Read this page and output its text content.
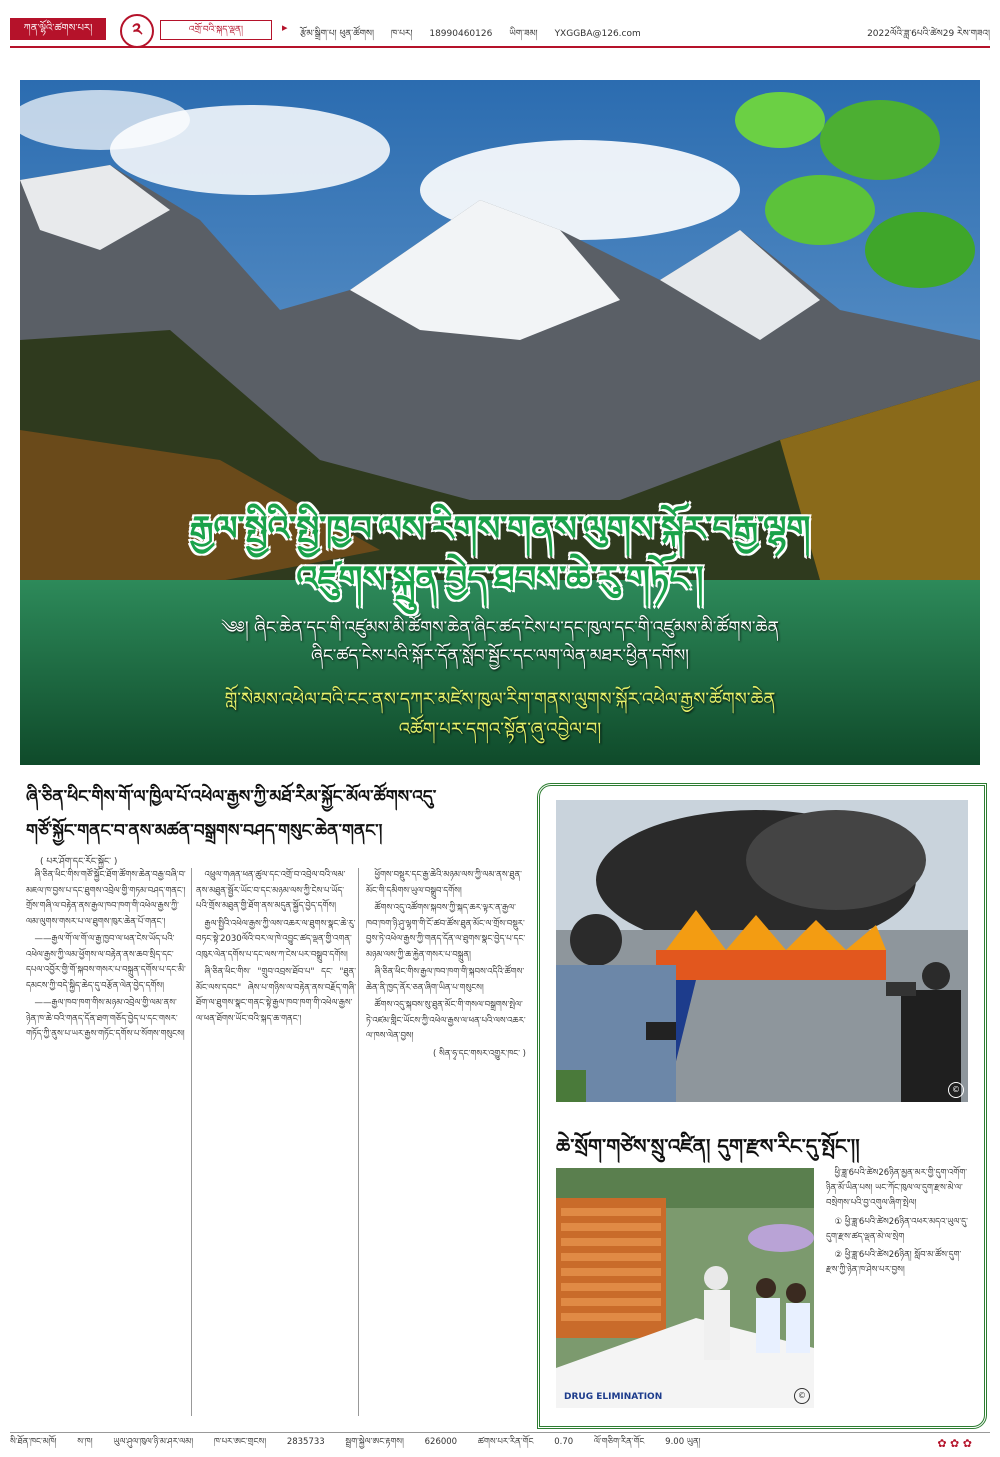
ཀན་ལྷོའི་ཚགས་པར།	༢	འགྲོ་བའི་སྐད་ལྡན།	▸ རྩོམ་སྒྲིག་པ། ཕུན་ཚོགས། ཁ་པར། 18990460126 ཡིག་ཟམ། YXGGBA@126.com	2022ལོའི་ཟླ་6པའི་ཚེས29 རེས་གཟའ།
རྒྱལ་སྤྱིའི་སྤྱི་ཁྱབ་ལས་རིགས་གནས་ལུགས་སྐོར་བརྒྱ་ལྷག
འཛུགས་སྐྲུན་བྱེད་ཐབས་ཆེ་རུ་གཏོང་།
༄༅། ཞིང་ཆེན་དང་གི་འཛུམས་མི་ཚོགས་ཆེན་ཞིང་ཚད་ངེས་པ་དང་ཁུལ་དང་གི་འཛུམས་མི་ཚོགས་ཆེན
ཞིང་ཚད་ངེས་པའི་སྐོར་དོན་སློབ་སྦྱོང་དང་ལག་ལེན་མཐར་ཕྱིན་དགོས།
གློ་སེམས་འཕེལ་བའི་ངང་ནས་དཀར་མཛེས་ཁུལ་རིག་གནས་ལུགས་སྐོར་འཕེལ་རྒྱས་ཚོགས་ཆེན
འཚོག་པར་དགའ་སྟོན་ཞུ་འབྱེལ་བ།
ཞི་ཅིན་ཕིང་གིས་གོ་ལ་ཁྱིལ་པོ་འཕེལ་རྒྱས་ཀྱི་མཐོ་རིམ་སྐྱོང་མོལ་ཚོགས་འདུ་
གཙོ་སྐྱོང་གནང་བ་ནས་མཚན་བསྒྲགས་བཤད་གསུང་ཆེན་གནང་།
( པར་ཤོག་དང་རོང་སྐྱོང་ )

ཞི་ཅིན་ཕིང་གིས་གཙོ་སྐྱོང་ཐོག་ཚོགས་ཆེན་བརྒྱ་བཞི་བ་མཇལ་ཁ་བྱས་པ་དང་ཐུགས་འབྲེལ་གྱི་གཏམ་བཤད་གནང་། གྲོས་གཞི་ལ་བརྟེན་ནས་རྒྱལ་ཁབ་ཁག་གི་འཕེལ་རྒྱས་ཀྱི་ལམ་ལུགས་གསར་པ་ལ་ཐུགས་ཁུར་ཆེན་པོ་གནང་།

——རྒྱལ་གོ་ལ་གོ་ལ་རྒྱ་ཁྱབ་ལ་ཕན་ངེས་ཡོད་པའི་འཕེལ་རྒྱས་ཀྱི་ལམ་ཕྱོགས་ལ་བརྟེན་ནས་ཆབ་སྲིད་དང་དཔལ་འབྱོར་གྱི་གོ་སྐབས་གསར་པ་བསྐྲུན་དགོས་པ་དང་མི་དམངས་ཀྱི་བདེ་སྐྱིད་ཆེད་དུ་བརྩོན་ལེན་བྱེད་དགོས།

——རྒྱལ་ཁབ་ཁག་གིས་མཉམ་འབྲེལ་གྱི་ལམ་ནས་ཉེན་ཁ་ཆེ་བའི་གནད་དོན་ཐག་གཅོད་བྱེད་པ་དང་གསར་གཏོད་ཀྱི་ནུས་པ་ཡར་རྒྱས་གཏོང་དགོས་པ་སོགས་གསུངས།

འཕྲུལ་གཞན་ཕན་ཚུལ་དང་འགྲོ་བ་འབྲེལ་བའི་ལམ་ནས་མཐུན་སྦྱོར་ཡོང་བ་དང་མཉམ་ལས་ཀྱི་ངེས་པ་ཡོད་པའི་གྲོས་མཐུན་གྱི་ཐོག་ནས་མདུན་སྐྱོད་བྱེད་དགོས།

རྒྱལ་སྤྱིའི་འཕེལ་རྒྱས་ཀྱི་ལས་འཆར་ལ་ཐུགས་སྣང་ཆེ་རུ་བཏང་སྟེ་2030ལོའི་བར་ལ་ཁེ་འབྱུང་ཚད་ལྡན་གྱི་འགན་འཁུར་ལེན་དགོས་པ་དང་ལས་ཀ་ངེས་པར་བསྒྲུབ་དགོས།

ཞི་ཅིན་ཕིང་གིས་ "གྲུབ་འབྲས་ཐོབ་པ" དང་ "ཐུན་མོང་ལས་དབང" ཞེས་པ་གཉིས་ལ་བརྟེན་ནས་བརྗོད་གཞི་ཐོག་ལ་ཐུགས་སྣང་གནང་སྟེ་རྒྱལ་ཁབ་ཁག་གི་འཕེལ་རྒྱས་ལ་ཕན་ཐོགས་ཡོང་བའི་སྐད་ཆ་གནང་།

ཕྱོགས་བསྡུར་དང་རྒྱ་ཆེའི་མཉམ་ལས་ཀྱི་ལམ་ནས་ཐུན་མོང་གི་དམིགས་ཡུལ་བསྒྲུབ་དགོས།

ཚོགས་འདུ་འཚོགས་སྐབས་ཀྱི་སྐད་ཆར་ལྟར་ན་རྒྱལ་ཁབ་ཁག་ཉི་ཤུ་ལྷག་གི་ངོ་ཚབ་ཚོས་ཐུན་མོང་ལ་གྲོས་བསྡུར་བྱས་ཏེ་འཕེལ་རྒྱས་ཀྱི་གནད་དོན་ལ་ཐུགས་སྣང་བྱེད་པ་དང་མཉམ་ལས་ཀྱི་ཆ་རྐྱེན་གསར་པ་བསྐྲུན།

ཞི་ཅིན་ཕིང་གིས་རྒྱལ་ཁབ་ཁག་གི་སྐབས་འདིའི་ཚོགས་ཆེན་ནི་ཁྱད་ནོར་ཅན་ཞིག་ཡིན་པ་གསུངས།

ཚོགས་འདུ་སྐབས་སུ་ཐུན་མོང་གི་གསལ་བསྒྲགས་སྤེལ་ཏེ་འཛམ་གླིང་ཡོངས་ཀྱི་འཕེལ་རྒྱས་ལ་ཕན་པའི་ལས་འཆར་ལ་ཁས་ལེན་བྱས།

( སིན་ཧྭ་དང་གསར་འགྱུར་ཁང་ )

©
ཆེ་སྲོག་གཙེས་སྲུ་འཛིན། དུག་རྫས་རིང་དུ་སྤོང་།།
DRUG ELIMINATION	©

ཕྱི་ཟླ་6པའི་ཚེས26ཉིན་མྱན་མར་གྱི་དུག་འགོག་ཉིན་མོ་ཡིན་པས། ཡང་ཀོང་ཁུལ་ལ་དུག་རྫས་མེ་ལ་བསྲེགས་པའི་བྱ་འགུལ་ཞིག་སྤེལ།

① ཕྱི་ཟླ་6པའི་ཚེས26ཉིན་འཕར་མདའ་ཡུལ་དུ་དུག་རྫས་ཚད་ལྡན་མེ་ལ་སྲེག

② ཕྱི་ཟླ་6པའི་ཚེས26ཉིན། སློབ་མ་ཚོས་དུག་རྫས་ཀྱི་ཉེན་ཁ་ཤེས་པར་བྱས།

སི་ཐོན་ཁང་མཁོ། ས་ཁ། ཡུལ་ཤུལ་ཁུལ་ཉི་མ་ཤར་ལམ། ཁ་པར་ཨང་གྲངས། 2835733 སྦྲག་སྐྱེལ་ཨང་རྟགས། 626000 ཚགས་པར་རིན་གོང 0.70 ལོ་གཅིག་རིན་གོང 9.00 ཡུན།	✿ ✿ ✿
